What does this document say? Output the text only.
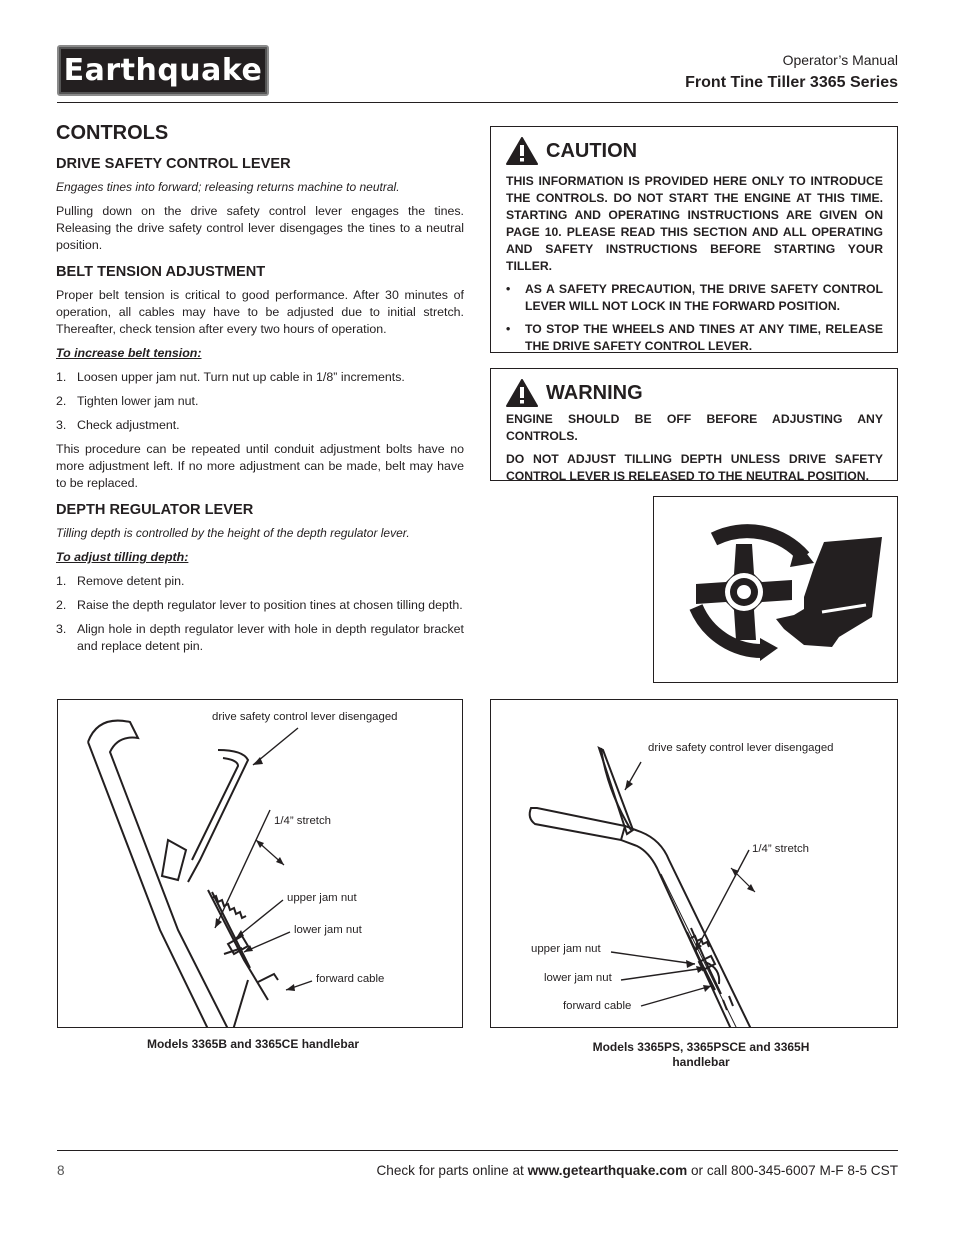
Earthquake	Operator’s Manual
Front Tine Tiller 3365 Series
CONTROLS
DRIVE SAFETY CONTROL LEVER

Engages tines into forward; releasing returns machine to neutral.

Pulling down on the drive safety control lever engages the tines. Releasing the drive safety control lever disengages the tines to a neutral position.

BELT TENSION ADJUSTMENT

Proper belt tension is critical to good performance. After 30 minutes of operation, all cables may have to be adjusted due to initial stretch. Thereafter, check tension after every two hours of operation.

To increase belt tension:

1. Loosen upper jam nut. Turn nut up cable in 1/8” increments.
2. Tighten lower jam nut.
3. Check adjustment.

This procedure can be repeated until conduit adjustment bolts have no more adjustment left. If no more adjustment can be made, belt may have to be replaced.

DEPTH REGULATOR LEVER

Tilling depth is controlled by the height of the depth regulator lever.

To adjust tilling depth:

1. Remove detent pin.
2. Raise the depth regulator lever to position tines at chosen tilling depth.
3. Align hole in depth regulator lever with hole in depth regulator bracket and replace detent pin.
CAUTION

THIS INFORMATION IS PROVIDED HERE ONLY TO INTRODUCE THE CONTROLS. DO NOT START THE ENGINE AT THIS TIME. STARTING AND OPERATING INSTRUCTIONS ARE GIVEN ON PAGE 10. PLEASE READ THIS SECTION AND ALL OPERATING AND SAFETY INSTRUCTIONS BEFORE STARTING YOUR TILLER.

•	AS A SAFETY PRECAUTION, THE DRIVE SAFETY CONTROL LEVER WILL NOT LOCK IN THE FORWARD POSITION.
•	TO STOP THE WHEELS AND TINES AT ANY TIME, RELEASE THE DRIVE SAFETY CONTROL LEVER.
WARNING

ENGINE SHOULD BE OFF BEFORE ADJUSTING ANY CONTROLS.

DO NOT ADJUST TILLING DEPTH UNLESS DRIVE SAFETY CONTROL LEVER IS RELEASED TO THE NEUTRAL POSITION.

drive safety control lever disengaged
1/4” stretch
upper jam nut
lower jam nut
forward cable
Models 3365B and 3365CE handlebar
drive safety control lever disengaged
1/4” stretch
upper jam nut
lower jam nut
forward cable
Models 3365PS, 3365PSCE and 3365H
handlebar
8	Check for parts online at www.getearthquake.com or call 800-345-6007 M-F 8-5 CST
